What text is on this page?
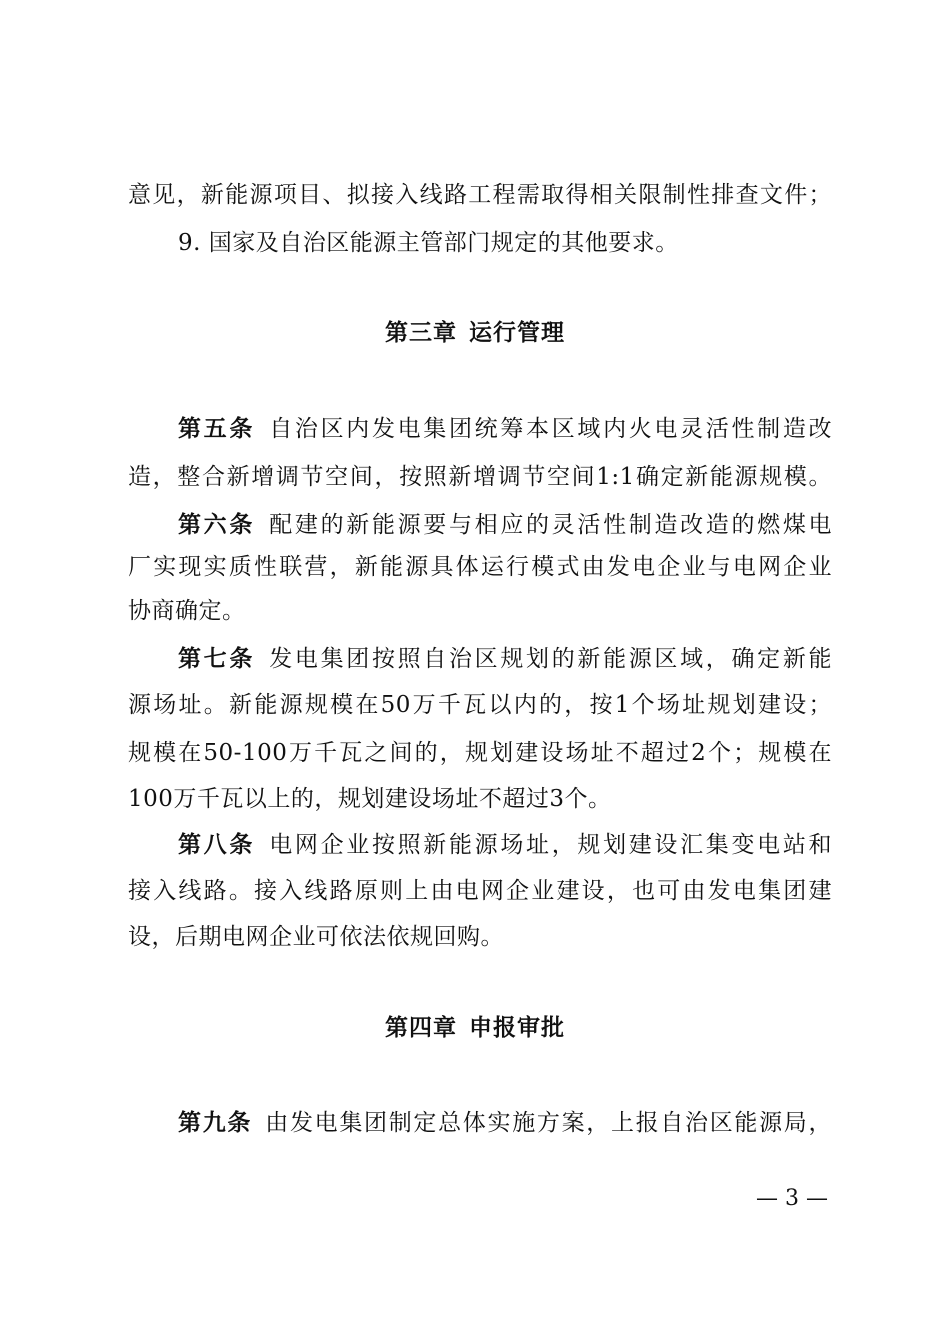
意见，新能源项目、拟接入线路工程需取得相关限制性排查文件；
9. 国家及自治区能源主管部门规定的其他要求。
第三章 运行管理
第五条 自治区内发电集团统筹本区域内火电灵活性制造改
造，整合新增调节空间，按照新增调节空间1:1确定新能源规模。
第六条 配建的新能源要与相应的灵活性制造改造的燃煤电
厂实现实质性联营，新能源具体运行模式由发电企业与电网企业
协商确定。
第七条 发电集团按照自治区规划的新能源区域，确定新能
源场址。新能源规模在50万千瓦以内的，按1个场址规划建设；
规模在50-100万千瓦之间的，规划建设场址不超过2个；规模在
100万千瓦以上的，规划建设场址不超过3个。
第八条 电网企业按照新能源场址，规划建设汇集变电站和
接入线路。接入线路原则上由电网企业建设，也可由发电集团建
设，后期电网企业可依法依规回购。
第四章 申报审批
第九条 由发电集团制定总体实施方案，上报自治区能源局，
— 3 —
